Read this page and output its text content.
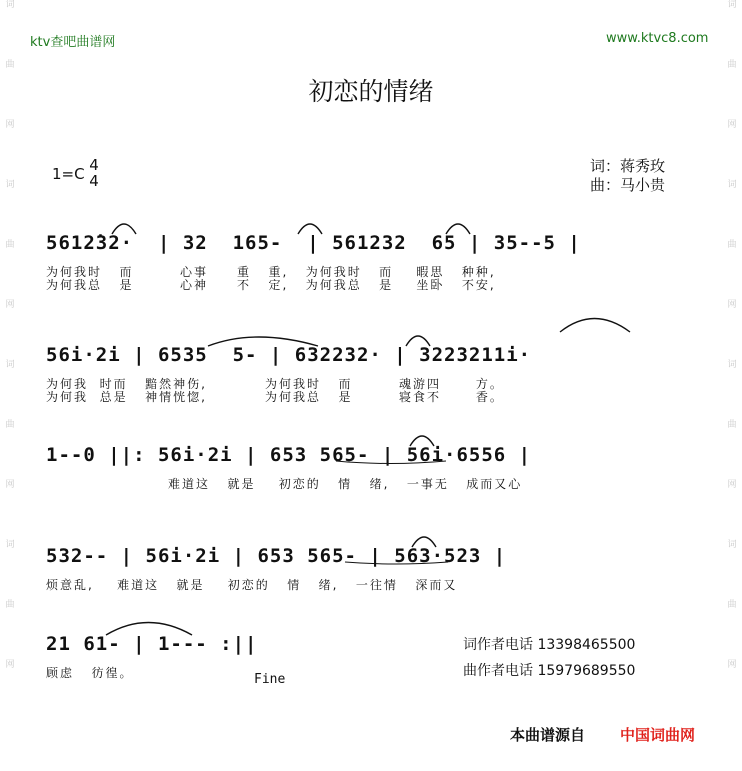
词
曲
网
词
曲
网
词
曲
网
词
曲
网
词
曲
网
词
曲
网
词
曲
网
词
曲
网
ktv查吧曲谱网	www.ktvc8.com
初恋的情绪
1=C 4
4
词：蒋秀玫
曲：马小贵
5612̇32·  | 32  165-  | 561232  65 | 35--5 |
为何我时   而        心事     重   重,   为何我时   而    暇思   种种,
为何我总   是        心神     不   定,   为何我总   是    坐卧   不安,
56i·2i | 6535  5- | 632232· | 3223211i·
为何我  时而   黯然神伤,          为何我时   而        魂游四      方。
为何我  总是   神情恍惚,          为何我总   是        寝食不      香。
1--0 ||: 56i·2i | 653 565- | 56i·6556 |
难道这   就是    初恋的   情   绪,   一事无   成而又心
532-- | 56i·2i | 653 565- | 563·523 |
烦意乱,    难道这   就是    初恋的   情   绪,   一往情   深而又
21 61- | 1--- :||
顾虑   彷徨。	Fine
词作者电话 13398465500
曲作者电话 15979689550
本曲谱源自 中国词曲网
